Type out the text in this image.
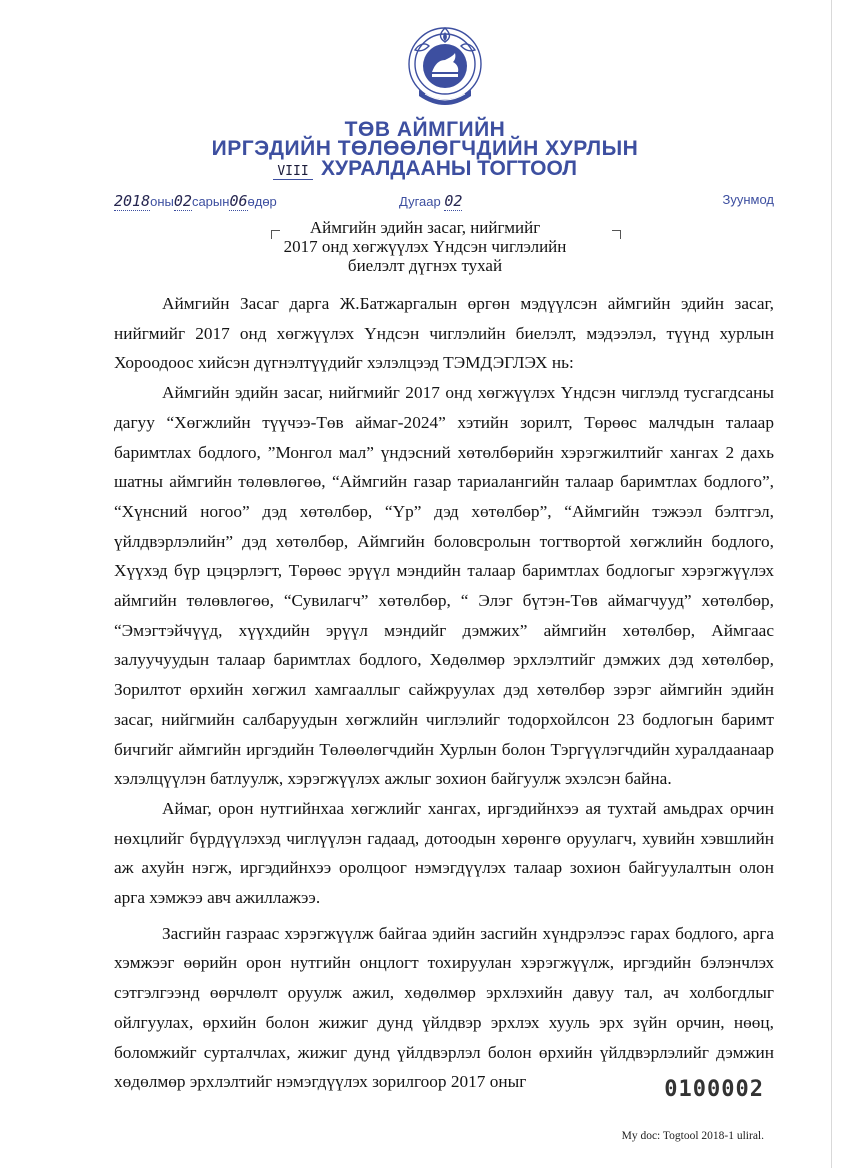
ТӨВ АЙМГИЙН
ИРГЭДИЙН ТӨЛӨӨЛӨГЧДИЙН ХУРЛЫН
VIII ХУРАЛДААНЫ ТОГТООЛ
2018оны02сарын06өдөр	Дугаар 02	Зуунмод
Аймгийн эдийн засаг, нийгмийг
2017 онд хөгжүүлэх Үндсэн чиглэлийн
биелэлт дүгнэх тухай

Аймгийн Засаг дарга Ж.Батжаргалын өргөн мэдүүлсэн аймгийн эдийн засаг, нийгмийг 2017 онд хөгжүүлэх Үндсэн чиглэлийн биелэлт, мэдээлэл, түүнд хурлын Хороодоос хийсэн дүгнэлтүүдийг хэлэлцээд ТЭМДЭГЛЭХ нь:

Аймгийн эдийн засаг, нийгмийг 2017 онд хөгжүүлэх Үндсэн чиглэлд тусгагдсаны дагуу “Хөгжлийн түүчээ-Төв аймаг-2024” хэтийн зорилт, Төрөөс малчдын талаар баримтлах бодлого, ”Монгол мал” үндэсний хөтөлбөрийн хэрэгжилтийг хангах 2 дахь шатны аймгийн төлөвлөгөө, “Аймгийн газар тариалангийн талаар баримтлах бодлого”, “Хүнсний ногоо” дэд хөтөлбөр, “Үр” дэд хөтөлбөр”, “Аймгийн тэжээл бэлтгэл, үйлдвэрлэлийн” дэд хөтөлбөр, Аймгийн боловсролын тогтвортой хөгжлийн бодлого, Хүүхэд бүр цэцэрлэгт, Төрөөс эрүүл мэндийн талаар баримтлах бодлогыг хэрэгжүүлэх аймгийн төлөвлөгөө, “Сувилагч” хөтөлбөр, “ Элэг бүтэн-Төв аймагчууд” хөтөлбөр, “Эмэгтэйчүүд, хүүхдийн эрүүл мэндийг дэмжих” аймгийн хөтөлбөр, Аймгаас залуучуудын талаар баримтлах бодлого, Хөдөлмөр эрхлэлтийг дэмжих дэд хөтөлбөр, Зорилтот өрхийн хөгжил хамгааллыг сайжруулах дэд хөтөлбөр зэрэг аймгийн эдийн засаг, нийгмийн салбаруудын хөгжлийн чиглэлийг тодорхойлсон 23 бодлогын баримт бичгийг аймгийн иргэдийн Төлөөлөгчдийн Хурлын болон Тэргүүлэгчдийн хуралдаанаар хэлэлцүүлэн батлуулж, хэрэгжүүлэх ажлыг зохион байгуулж эхэлсэн байна.

Аймаг, орон нутгийнхаа хөгжлийг хангах, иргэдийнхээ ая тухтай амьдрах орчин нөхцлийг бүрдүүлэхэд чиглүүлэн гадаад, дотоодын хөрөнгө оруулагч, хувийн хэвшлийн аж ахуйн нэгж, иргэдийнхээ оролцоог нэмэгдүүлэх талаар зохион байгуулалтын олон арга хэмжээ авч ажиллажээ.

Засгийн газраас хэрэгжүүлж байгаа эдийн засгийн хүндрэлээс гарах бодлого, арга хэмжээг өөрийн орон нутгийн онцлогт тохируулан хэрэгжүүлж, иргэдийн бэлэнчлэх сэтгэлгээнд өөрчлөлт оруулж ажил, хөдөлмөр эрхлэхийн давуу тал, ач холбогдлыг ойлгуулах, өрхийн болон жижиг дунд үйлдвэр эрхлэх хууль эрх зүйн орчин, нөөц, боломжийг сурталчлах, жижиг дунд үйлдвэрлэл болон өрхийн үйлдвэрлэлийг дэмжин хөдөлмөр эрхлэлтийг нэмэгдүүлэх зорилгоор 2017 оныг	0100002
My doc: Togtool 2018-1 uliral.
